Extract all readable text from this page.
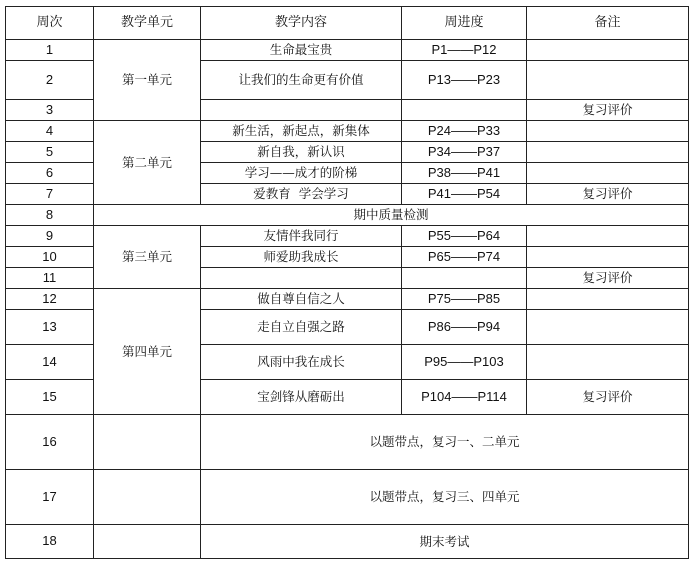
周次	教学单元	教学内容	周进度	备注
1	第一单元	生命最宝贵	P1——P12	
2		让我们的生命更有价值	P13——P23	
3				复习评价
4	第二单元	新生活，新起点，新集体	P24——P33	
5		新自我，新认识	P34——P37	
6		学习——成才的阶梯	P38——P41	
7		爱教育  学会学习	P41——P54	复习评价
8	期中质量检测			
9	第三单元	友情伴我同行	P55——P64	
10		师爱助我成长	P65——P74	
11				复习评价
12	第四单元	做自尊自信之人	P75——P85	
13		走自立自强之路	P86——P94	
14		风雨中我在成长	P95——P103	
15		宝剑锋从磨砺出	P104——P114	复习评价
16		以题带点，复习一、二单元		
17		以题带点，复习三、四单元		
18		期末考试		
